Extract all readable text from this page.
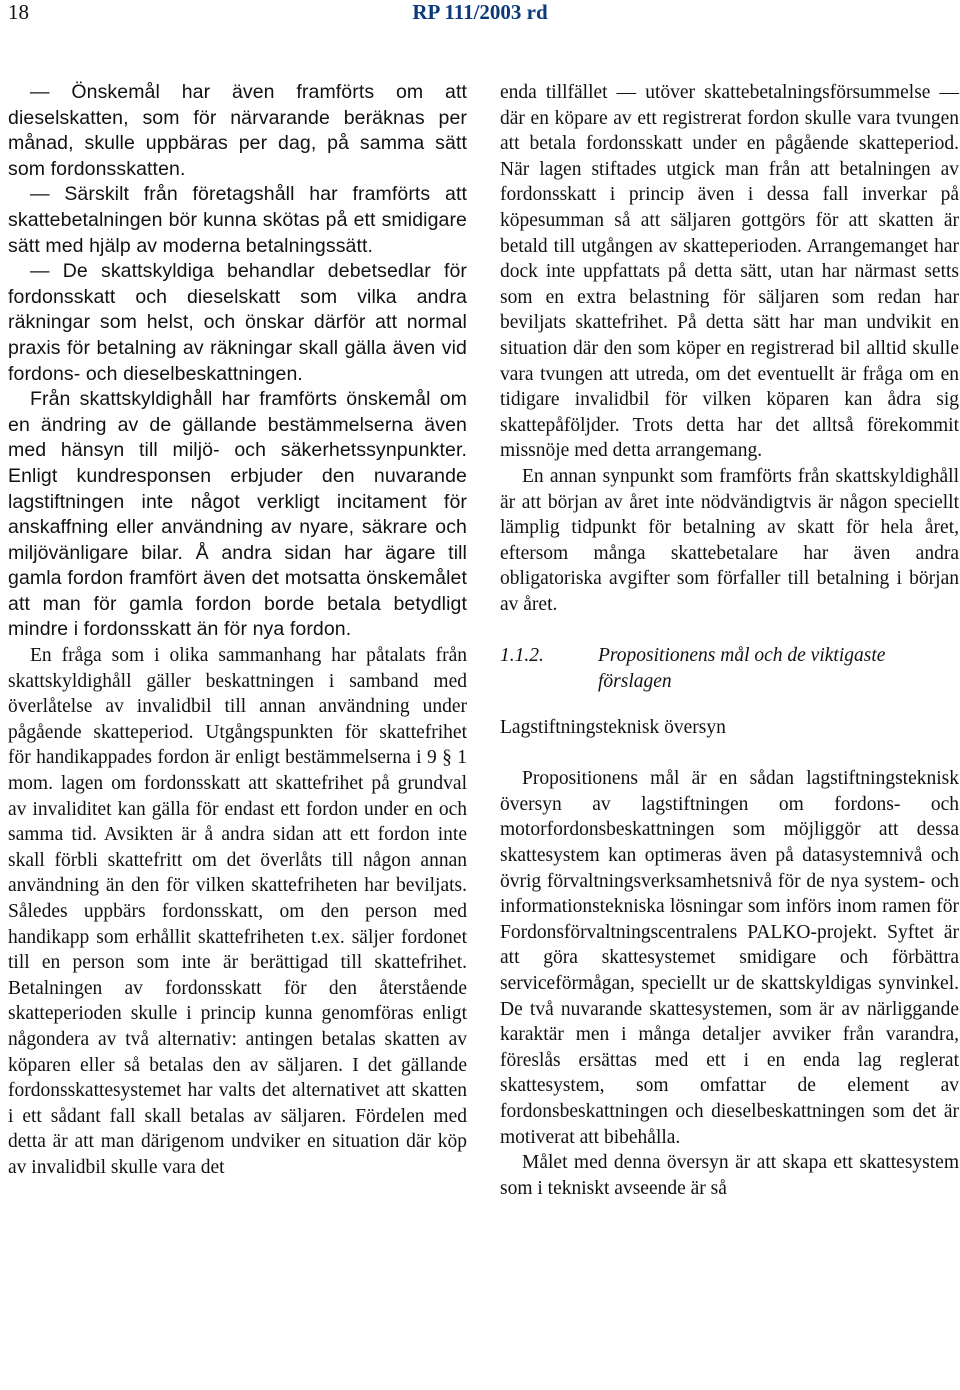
18	RP 111/2003 rd

— Önskemål har även framförts om att dieselskatten, som för närvarande beräknas per månad, skulle uppbäras per dag, på samma sätt som fordonsskatten.

— Särskilt från företagshåll har framförts att skattebetalningen bör kunna skötas på ett smidigare sätt med hjälp av moderna betalningssätt.

— De skattskyldiga behandlar debetsedlar för fordonsskatt och dieselskatt som vilka andra räkningar som helst, och önskar därför att normal praxis för betalning av räkningar skall gälla även vid fordons- och dieselbeskattningen.

Från skattskyldighåll har framförts önskemål om en ändring av de gällande bestämmelserna även med hänsyn till miljö- och säkerhetssynpunkter. Enligt kundresponsen erbjuder den nuvarande lagstiftningen inte något verkligt incitament för anskaffning eller användning av nyare, säkrare och miljövänligare bilar. Å andra sidan har ägare till gamla fordon framfört även det motsatta önskemålet att man för gamla fordon borde betala betydligt mindre i fordonsskatt än för nya fordon.

En fråga som i olika sammanhang har påtalats från skattskyldighåll gäller beskattningen i samband med överlåtelse av invalidbil till annan användning under pågående skatteperiod. Utgångspunkten för skattefrihet för handikappades fordon är enligt bestämmelserna i 9 § 1 mom. lagen om fordonsskatt att skattefrihet på grundval av invaliditet kan gälla för endast ett fordon under en och samma tid. Avsikten är å andra sidan att ett fordon inte skall förbli skattefritt om det överlåts till någon annan användning än den för vilken skattefriheten har beviljats. Således uppbärs fordonsskatt, om den person med handikapp som erhållit skattefriheten t.ex. säljer fordonet till en person som inte är berättigad till skattefrihet. Betalningen av fordonsskatt för den återstående skatteperioden skulle i princip kunna genomföras enligt någondera av två alternativ: antingen betalas skatten av köparen eller så betalas den av säljaren. I det gällande fordonsskattesystemet har valts det alternativet att skatten i ett sådant fall skall betalas av säljaren. Fördelen med detta är att man därigenom undviker en situation där köp av invalidbil skulle vara det

enda tillfället — utöver skattebetalningsförsummelse — där en köpare av ett registrerat fordon skulle vara tvungen att betala fordonsskatt under en pågående skatteperiod. När lagen stiftades utgick man från att betalningen av fordonsskatt i princip även i dessa fall inverkar på köpesumman så att säljaren gottgörs för att skatten är betald till utgången av skatteperioden. Arrangemanget har dock inte uppfattats på detta sätt, utan har närmast setts som en extra belastning för säljaren som redan har beviljats skattefrihet. På detta sätt har man undvikit en situation där den som köper en registrerad bil alltid skulle vara tvungen att utreda, om det eventuellt är fråga om en tidigare invalidbil för vilken köparen kan ådra sig skattepåföljder. Trots detta har det alltså förekommit missnöje med detta arrangemang.

En annan synpunkt som framförts från skattskyldighåll är att början av året inte nödvändigtvis är någon speciellt lämplig tidpunkt för betalning av skatt för hela året, eftersom många skattebetalare har även andra obligatoriska avgifter som förfaller till betalning i början av året.

1.1.2.	Propositionens mål och de viktigaste förslagen
Lagstiftningsteknisk översyn

Propositionens mål är en sådan lagstiftningsteknisk översyn av lagstiftningen om fordons- och motorfordonsbeskattningen som möjliggör att dessa skattesystem kan optimeras även på datasystemnivå och övrig förvaltningsverksamhetsnivå för de nya system- och informationstekniska lösningar som införs inom ramen för Fordonsförvaltningscentralens PALKO-projekt. Syftet är att göra skattesystemet smidigare och förbättra serviceförmågan, speciellt ur de skattskyldigas synvinkel. De två nuvarande skattesystemen, som är av närliggande karaktär men i många detaljer avviker från varandra, föreslås ersättas med ett i en enda lag reglerat skattesystem, som omfattar de element av fordonsbeskattningen och dieselbeskattningen som det är motiverat att bibehålla.

Målet med denna översyn är att skapa ett skattesystem som i tekniskt avseende är så
